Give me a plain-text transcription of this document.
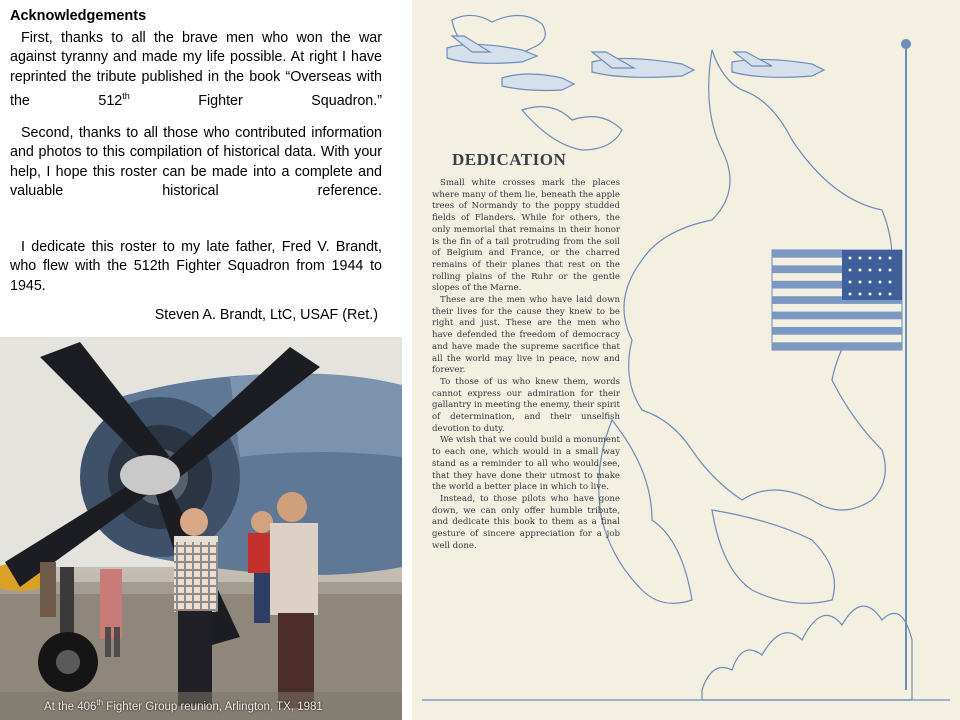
Acknowledgements

First, thanks to all the brave men who won the war against tyranny and made my life possible. At right I have reprinted the tribute published in the book “Overseas with the 512th Fighter Squadron.”

Second, thanks to all those who contributed information and photos to this compilation of historical data. With your help, I hope this roster can be made into a complete and valuable historical reference.

I dedicate this roster to my late father, Fred V. Brandt, who flew with the 512th Fighter Squadron from 1944 to 1945.

Steven A. Brandt, LtC, USAF (Ret.)
At the 406th Fighter Group reunion, Arlington, TX, 1981
DEDICATION

Small white crosses mark the places where many of them lie, beneath the apple trees of Normandy to the poppy studded fields of Flanders. While for others, the only memorial that remains in their honor is the fin of a tail protruding from the soil of Belgium and France, or the charred remains of their planes that rest on the rolling plains of the Ruhr or the gentle slopes of the Marne.

These are the men who have laid down their lives for the cause they knew to be right and just. These are the men who have defended the freedom of democracy and have made the supreme sacrifice that all the world may live in peace, now and forever.

To those of us who knew them, words cannot express our admiration for their gallantry in meeting the enemy, their spirit of determination, and their unselfish devotion to duty.

We wish that we could build a monument to each one, which would in a small way stand as a reminder to all who would see, that they have done their utmost to make the world a better place in which to live.

Instead, to those pilots who have gone down, we can only offer humble tribute, and dedicate this book to them as a final gesture of sincere appreciation for a job well done.
